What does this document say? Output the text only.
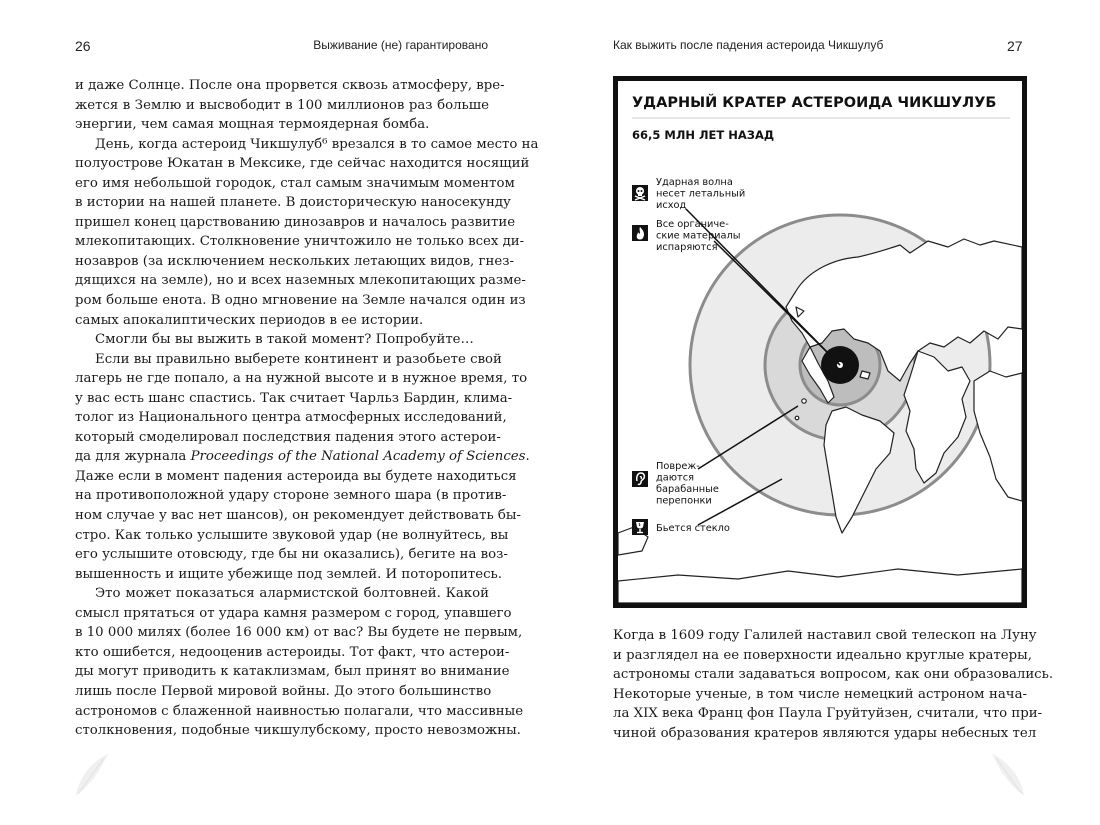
26	Выживание (не) гарантировано
и даже Солнце. После она прорвется сквозь атмосферу, вре-
жется в Землю и высвободит в 100 миллионов раз больше
энергии, чем самая мощная термоядерная бомба.
День, когда астероид Чикшулуб⁶ врезался в то самое место на
полуострове Юкатан в Мексике, где сейчас находится носящий
его имя небольшой городок, стал самым значимым моментом
в истории на нашей планете. В доисторическую наносекунду
пришел конец царствованию динозавров и началось развитие
млекопитающих. Столкновение уничтожило не только всех ди-
нозавров (за исключением нескольких летающих видов, гнез-
дящихся на земле), но и всех наземных млекопитающих разме-
ром больше енота. В одно мгновение на Земле начался один из
самых апокалиптических периодов в ее истории.
Смогли бы вы выжить в такой момент? Попробуйте…
Если вы правильно выберете континент и разобьете свой
лагерь не где попало, а на нужной высоте и в нужное время, то
у вас есть шанс спастись. Так считает Чарльз Бардин, клима-
толог из Национального центра атмосферных исследований,
который смоделировал последствия падения этого астерои-
да для журнала Proceedings of the National Academy of Sciences.
Даже если в момент падения астероида вы будете находиться
на противоположной удару стороне земного шара (в против-
ном случае у вас нет шансов), он рекомендует действовать бы-
стро. Как только услышите звуковой удар (не волнуйтесь, вы
его услышите отовсюду, где бы ни оказались), бегите на воз-
вышенность и ищите убежище под землей. И поторопитесь.
Это может показаться алармистской болтовней. Какой
смысл прятаться от удара камня размером с город, упавшего
в 10 000 милях (более 16 000 км) от вас? Вы будете не первым,
кто ошибется, недооценив астероиды. Тот факт, что астерои-
ды могут приводить к катаклизмам, был принят во внимание
лишь после Первой мировой войны. До этого большинство
астрономов с блаженной наивностью полагали, что массивные
столкновения, подобные чикшулубскому, просто невозможны.
Как выжить после падения астероида Чикшулуб	27
УДАРНЫЙ КРАТЕР АСТЕРОИДА ЧИКШУЛУБ
66,5 МЛН ЛЕТ НАЗАД
Ударная волна несет летальный исход
Все органиче- ские материалы испаряются
Повреж- даются барабанные перепонки
Бьется стекло
Когда в 1609 году Галилей наставил свой телескоп на Луну
и разглядел на ее поверхности идеально круглые кратеры,
астрономы стали задаваться вопросом, как они образовались.
Некоторые ученые, в том числе немецкий астроном нача-
ла XIX века Франц фон Паула Груйтуйзен, считали, что при-
чиной образования кратеров являются удары небесных тел
